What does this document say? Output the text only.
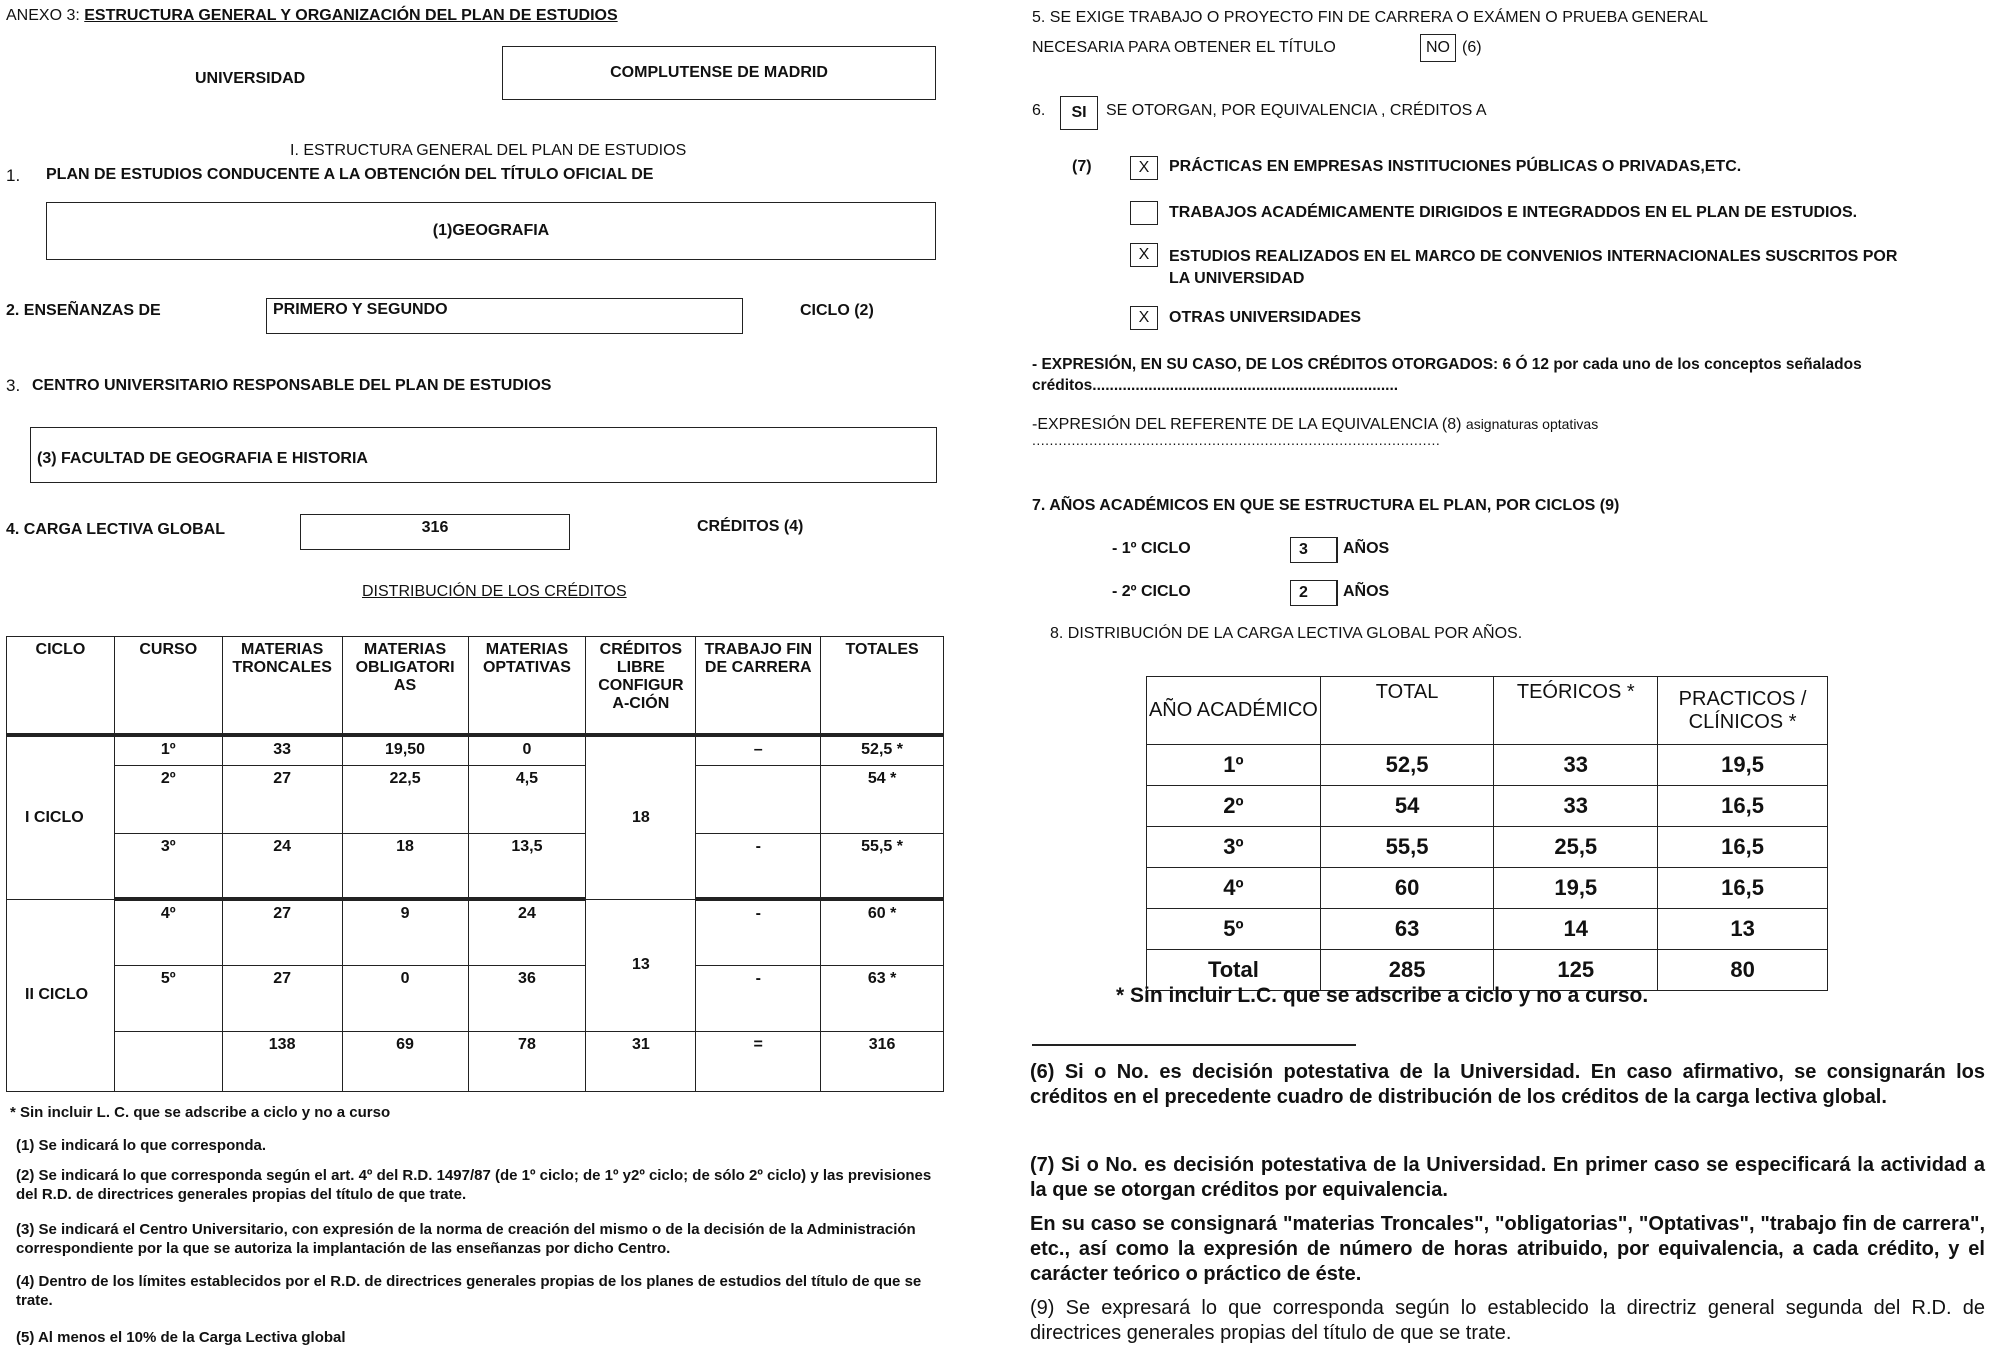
ANEXO 3: ESTRUCTURA GENERAL Y ORGANIZACIÓN DEL PLAN DE ESTUDIOS
UNIVERSIDAD	COMPLUTENSE DE MADRID
I. ESTRUCTURA GENERAL DEL PLAN DE ESTUDIOS
1. PLAN DE ESTUDIOS CONDUCENTE A LA OBTENCIÓN DEL TÍTULO OFICIAL DE
(1)GEOGRAFIA
2. ENSEÑANZAS DE	PRIMERO Y SEGUNDO	CICLO (2)
3. CENTRO UNIVERSITARIO RESPONSABLE DEL PLAN DE ESTUDIOS
(3) FACULTAD DE GEOGRAFIA E HISTORIA
4. CARGA LECTIVA GLOBAL	316	CRÉDITOS (4)
DISTRIBUCIÓN DE LOS CRÉDITOS
CICLO	CURSO	MATERIAS TRONCALES	MATERIAS OBLIGATORI AS	MATERIAS OPTATIVAS	CRÉDITOS LIBRE CONFIGUR A-CIÓN	TRABAJO FIN DE CARRERA	TOTALES
I CICLO	1º	33	19,50	0	18	–	52,5 *
	2º	27	22,5	4,5			54 *
	3º	24	18	13,5		-	55,5 *
II CICLO	4º	27	9	24	13	-	60 *
	5º	27	0	36		-	63 *
		138	69	78	31	=	316
* Sin incluir L. C. que se adscribe a ciclo y no a curso
(1) Se indicará lo que corresponda.
(2) Se indicará lo que corresponda según el art. 4º del R.D. 1497/87 (de 1º ciclo; de 1º y2º ciclo; de sólo 2º ciclo) y las previsiones del R.D. de directrices generales propias del título de que trate.
(3) Se indicará el Centro Universitario, con expresión de la norma de creación del mismo o de la decisión de la Administración correspondiente por la que se autoriza la implantación de las enseñanzas por dicho Centro.
(4) Dentro de los límites establecidos por el R.D. de directrices generales propias de los planes de estudios del título de que se trate.
(5) Al menos el 10% de la Carga Lectiva global
5. SE EXIGE TRABAJO O PROYECTO FIN DE CARRERA O EXÁMEN O PRUEBA GENERAL
NECESARIA PARA OBTENER EL TÍTULO	NO (6)
6.	SI	SE OTORGAN, POR EQUIVALENCIA , CRÉDITOS A
(7)	X	PRÁCTICAS EN EMPRESAS INSTITUCIONES PÚBLICAS O PRIVADAS,ETC.
TRABAJOS ACADÉMICAMENTE DIRIGIDOS E INTEGRADDOS EN EL PLAN DE ESTUDIOS.
X	ESTUDIOS REALIZADOS EN EL MARCO DE CONVENIOS INTERNACIONALES SUSCRITOS POR LA UNIVERSIDAD
X	OTRAS UNIVERSIDADES
- EXPRESIÓN, EN SU CASO, DE LOS CRÉDITOS OTORGADOS: 6 Ó 12 por cada uno de los conceptos señalados créditos.......................................................................
-EXPRESIÓN DEL REFERENTE DE LA EQUIVALENCIA (8) asignaturas optativas
.............................................................................................
7. AÑOS ACADÉMICOS EN QUE SE ESTRUCTURA EL PLAN, POR CICLOS (9)
- 1º CICLO	3	AÑOS
- 2º CICLO	2	AÑOS
8. DISTRIBUCIÓN DE LA CARGA LECTIVA GLOBAL POR AÑOS.
AÑO ACADÉMICO	TOTAL	TEÓRICOS *	PRACTICOS / CLÍNICOS *
1º	52,5	33	19,5
2º	54	33	16,5
3º	55,5	25,5	16,5
4º	60	19,5	16,5
5º	63	14	13
Total	285	125	80
* Sin incluir L.C. que se adscribe a ciclo y no a curso.
(6) Si o No. es decisión potestativa de la Universidad. En caso afirmativo, se consignarán los créditos en el precedente cuadro de distribución de los créditos de la carga lectiva global.
(7) Si o No. es decisión potestativa de la Universidad. En primer caso se especificará la actividad a la que se otorgan créditos por equivalencia.
En su caso se consignará "materias Troncales", "obligatorias", "Optativas", "trabajo fin de carrera", etc., así como la expresión de número de horas atribuido, por equivalencia, a cada crédito, y el carácter teórico o práctico de éste.
(9) Se expresará lo que corresponda según lo establecido la directriz general segunda del R.D. de directrices generales propias del título de que se trate.
